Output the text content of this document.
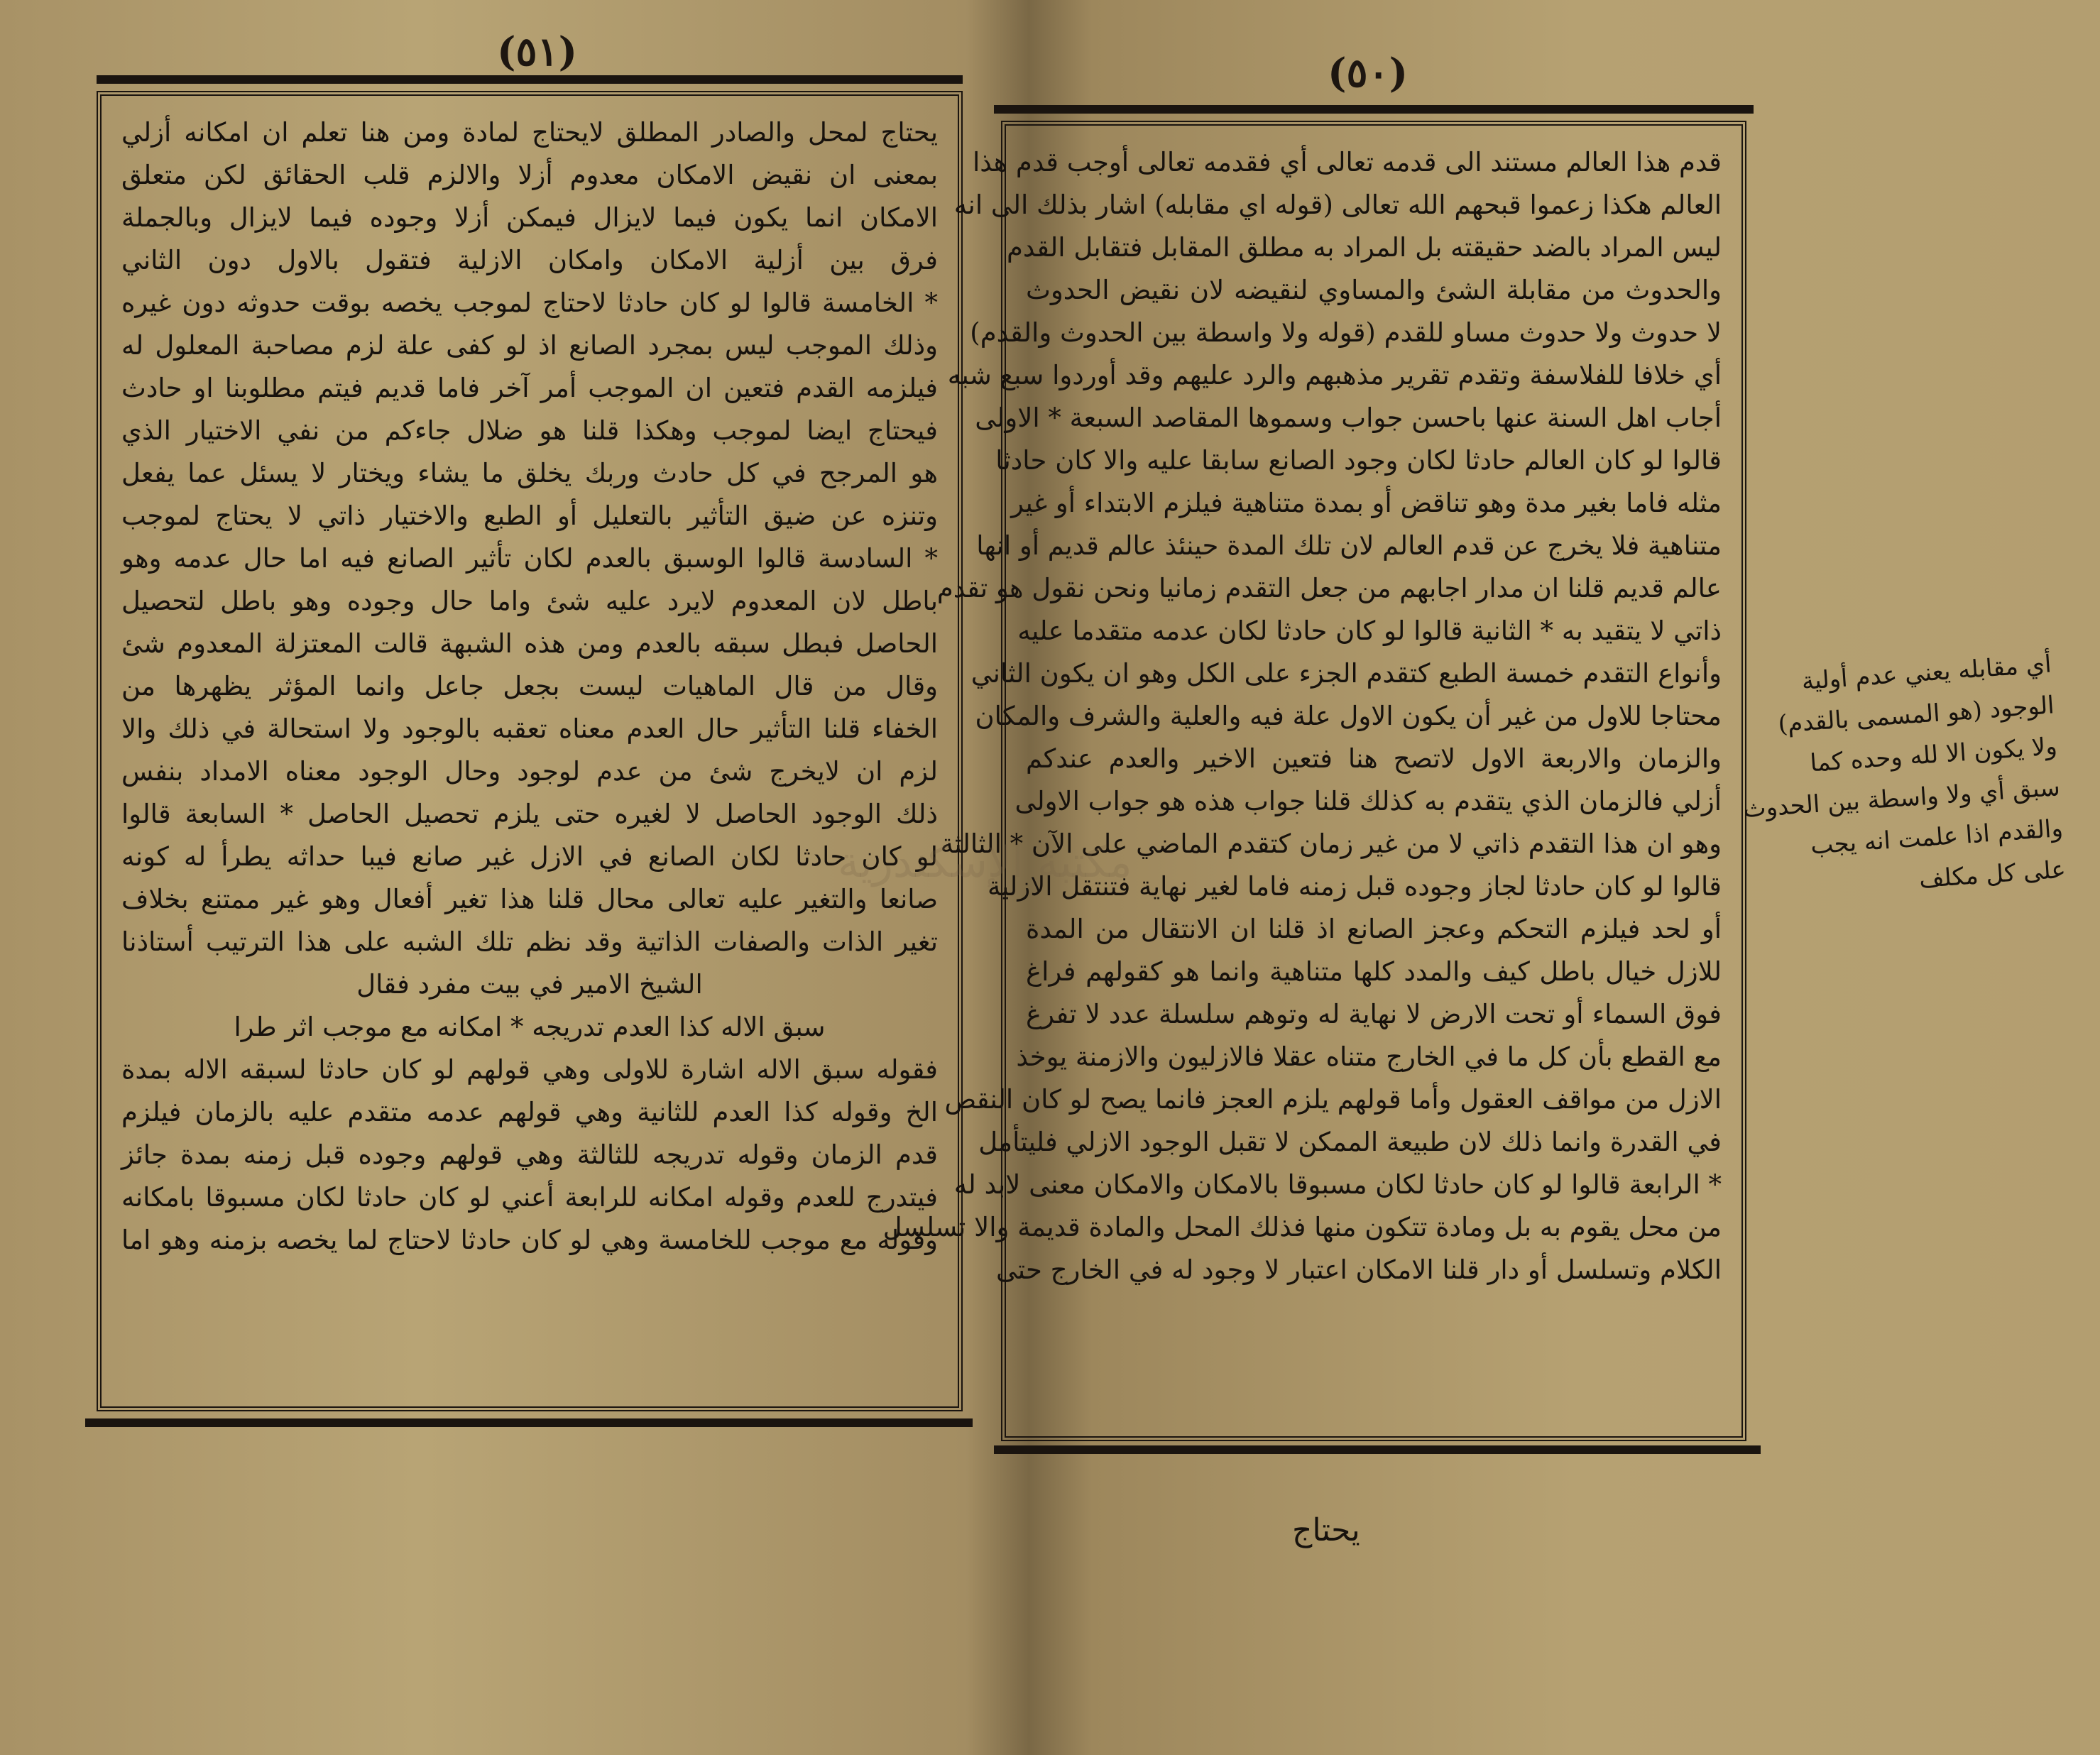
(٥١)
يحتاج لمحل والصادر المطلق لايحتاج لمادة ومن هنا تعلم ان امكانه أزلي
بمعنى ان نقيض الامكان معدوم أزلا والالزم قلب الحقائق لكن متعلق
الامكان انما يكون فيما لايزال فيمكن أزلا وجوده فيما لايزال وبالجملة
فرق بين أزلية الامكان وامكان الازلية فتقول بالاول دون الثاني
* الخامسة قالوا لو كان حادثا لاحتاج لموجب يخصه بوقت حدوثه دون غيره
وذلك الموجب ليس بمجرد الصانع اذ لو كفى علة لزم مصاحبة المعلول له
فيلزمه القدم فتعين ان الموجب أمر آخر فاما قديم فيتم مطلوبنا او حادث
فيحتاج ايضا لموجب وهكذا قلنا هو ضلال جاءكم من نفي الاختيار الذي
هو المرجح في كل حادث وربك يخلق ما يشاء ويختار لا يسئل عما يفعل
وتنزه عن ضيق التأثير بالتعليل أو الطبع والاختيار ذاتي لا يحتاج لموجب
* السادسة قالوا الوسبق بالعدم لكان تأثير الصانع فيه اما حال عدمه وهو
باطل لان المعدوم لايرد عليه شئ واما حال وجوده وهو باطل لتحصيل
الحاصل فبطل سبقه بالعدم ومن هذه الشبهة قالت المعتزلة المعدوم شئ
وقال من قال الماهيات ليست بجعل جاعل وانما المؤثر يظهرها من
الخفاء قلنا التأثير حال العدم معناه تعقبه بالوجود ولا استحالة في ذلك والا
لزم ان لايخرج شئ من عدم لوجود وحال الوجود معناه الامداد بنفس
ذلك الوجود الحاصل لا لغيره حتى يلزم تحصيل الحاصل * السابعة قالوا
لو كان حادثا لكان الصانع في الازل غير صانع فيبا حداثه يطرأ له كونه
صانعا والتغير عليه تعالى محال قلنا هذا تغير أفعال وهو غير ممتنع بخلاف
تغير الذات والصفات الذاتية وقد نظم تلك الشبه على هذا الترتيب أستاذنا
الشيخ الامير في بيت مفرد فقال
سبق الاله كذا العدم تدريجه * امكانه مع موجب اثر طرا
فقوله سبق الاله اشارة للاولى وهي قولهم لو كان حادثا لسبقه الاله بمدة
الخ وقوله كذا العدم للثانية وهي قولهم عدمه متقدم عليه بالزمان فيلزم
قدم الزمان وقوله تدريجه للثالثة وهي قولهم وجوده قبل زمنه بمدة جائز
فيتدرج للعدم وقوله امكانه للرابعة أعني لو كان حادثا لكان مسبوقا بامكانه
وقوله مع موجب للخامسة وهي لو كان حادثا لاحتاج لما يخصه بزمنه وهو اما
(٥٠)
قدم هذا العالم مستند الى قدمه تعالى أي فقدمه تعالى أوجب قدم هذا
العالم هكذا زعموا قبحهم الله تعالى (قوله اي مقابله) اشار بذلك الى انه
ليس المراد بالضد حقيقته بل المراد به مطلق المقابل فتقابل القدم
والحدوث من مقابلة الشئ والمساوي لنقيضه لان نقيض الحدوث
لا حدوث ولا حدوث مساو للقدم (قوله ولا واسطة بين الحدوث والقدم)
أي خلافا للفلاسفة وتقدم تقرير مذهبهم والرد عليهم وقد أوردوا سبع شبه
أجاب اهل السنة عنها باحسن جواب وسموها المقاصد السبعة * الاولى
قالوا لو كان العالم حادثا لكان وجود الصانع سابقا عليه والا كان حادثا
مثله فاما بغير مدة وهو تناقض أو بمدة متناهية فيلزم الابتداء أو غير
متناهية فلا يخرج عن قدم العالم لان تلك المدة حينئذ عالم قديم أو انها
عالم قديم قلنا ان مدار اجابهم من جعل التقدم زمانيا ونحن نقول هو تقدم
ذاتي لا يتقيد به * الثانية قالوا لو كان حادثا لكان عدمه متقدما عليه
وأنواع التقدم خمسة الطبع كتقدم الجزء على الكل وهو ان يكون الثاني
محتاجا للاول من غير أن يكون الاول علة فيه والعلية والشرف والمكان
والزمان والاربعة الاول لاتصح هنا فتعين الاخير والعدم عندكم
أزلي فالزمان الذي يتقدم به كذلك قلنا جواب هذه هو جواب الاولى
وهو ان هذا التقدم ذاتي لا من غير زمان كتقدم الماضي على الآن * الثالثة
قالوا لو كان حادثا لجاز وجوده قبل زمنه فاما لغير نهاية فتنتقل الازلية
أو لحد فيلزم التحكم وعجز الصانع اذ قلنا ان الانتقال من المدة
للازل خيال باطل كيف والمدد كلها متناهية وانما هو كقولهم فراغ
فوق السماء أو تحت الارض لا نهاية له وتوهم سلسلة عدد لا تفرغ
مع القطع بأن كل ما في الخارج متناه عقلا فالازليون والازمنة يوخذ
الازل من مواقف العقول وأما قولهم يلزم العجز فانما يصح لو كان النقص
في القدرة وانما ذلك لان طبيعة الممكن لا تقبل الوجود الازلي فليتأمل
* الرابعة قالوا لو كان حادثا لكان مسبوقا بالامكان والامكان معنى لابد له
من محل يقوم به بل ومادة تتكون منها فذلك المحل والمادة قديمة والا تسلسل
الكلام وتسلسل أو دار قلنا الامكان اعتبار لا وجود له في الخارج حتى
يحتاج
أي مقابله يعني عدم أولية
الوجود (هو المسمى بالقدم)
ولا يكون الا لله وحده كما
سبق أي ولا واسطة بين الحدوث
والقدم اذا علمت انه يجب
على كل مكلف
مكتبة الإسكندرية
